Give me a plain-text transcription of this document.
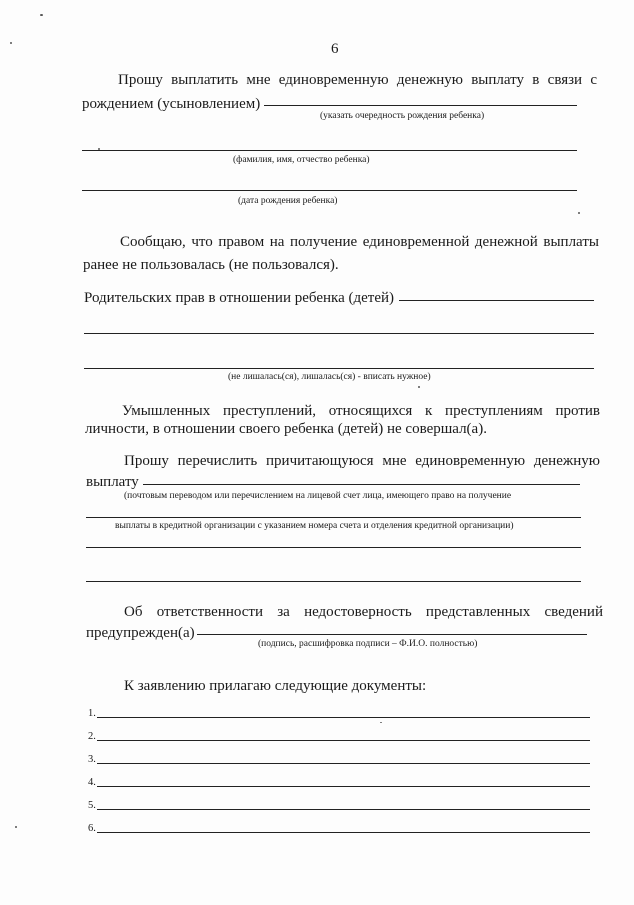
6
Прошу выплатить мне единовременную денежную выплату в связи с
рождением (усыновлением)
(указать очередность рождения ребенка)
(фамилия, имя, отчество ребенка)
(дата рождения ребенка)
Сообщаю, что правом на получение единовременной денежной выплаты
ранее не пользовалась (не пользовался).
Родительских прав в отношении ребенка (детей)
(не лишалась(ся), лишалась(ся) - вписать нужное)
Умышленных преступлений, относящихся к преступлениям против
личности, в отношении своего ребенка (детей) не совершал(а).
Прошу перечислить причитающуюся мне единовременную денежную
выплату
(почтовым переводом или перечислением на лицевой счет лица, имеющего право на получение
выплаты в кредитной организации с указанием номера счета и отделения кредитной организации)
Об ответственности за недостоверность представленных сведений
предупрежден(а)
(подпись, расшифровка подписи – Ф.И.О. полностью)
К заявлению прилагаю следующие документы:
1.
2.
3.
4.
5.
6.
